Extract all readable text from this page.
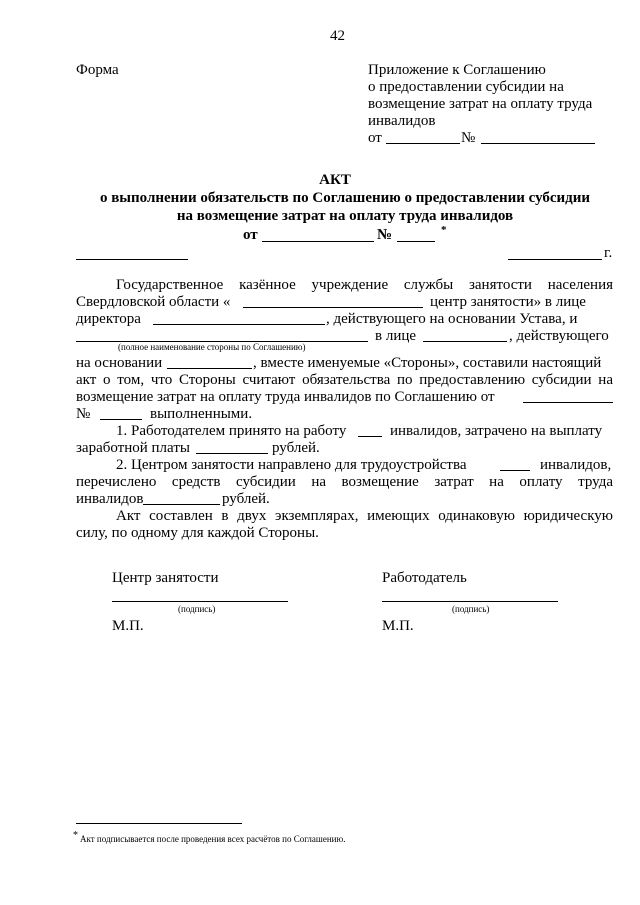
42
Форма	Приложение к Соглашению
о предоставлении субсидии на
возмещение затрат на оплату труда
инвалидов
от	№
АКТ
о выполнении обязательств по Соглашению о предоставлении субсидии
на возмещение затрат на оплату труда инвалидов
от	№	*
г.
Государственное казённое учреждение службы занятости населения
Свердловской области «	центр занятости» в лице
директора	, действующего на основании Устава, и
в лице	, действующего
(полное наименование стороны по Соглашению)
на основании	, вместе именуемые «Стороны», составили настоящий
акт о том, что Стороны считают обязательства по предоставлению субсидии на
возмещение затрат на оплату труда инвалидов по Соглашению от
№	выполненными.
1. Работодателем принято на работу	инвалидов, затрачено на выплату
заработной платы	рублей.
2. Центром занятости направлено для трудоустройства	инвалидов,
перечислено средств субсидии на возмещение затрат на оплату труда
инвалидов	рублей.
Акт составлен в двух экземплярах, имеющих одинаковую юридическую
силу, по одному для каждой Стороны.
Центр занятости
(подпись)
М.П.
Работодатель
(подпись)
М.П.
* Акт подписывается после проведения всех расчётов по Соглашению.
